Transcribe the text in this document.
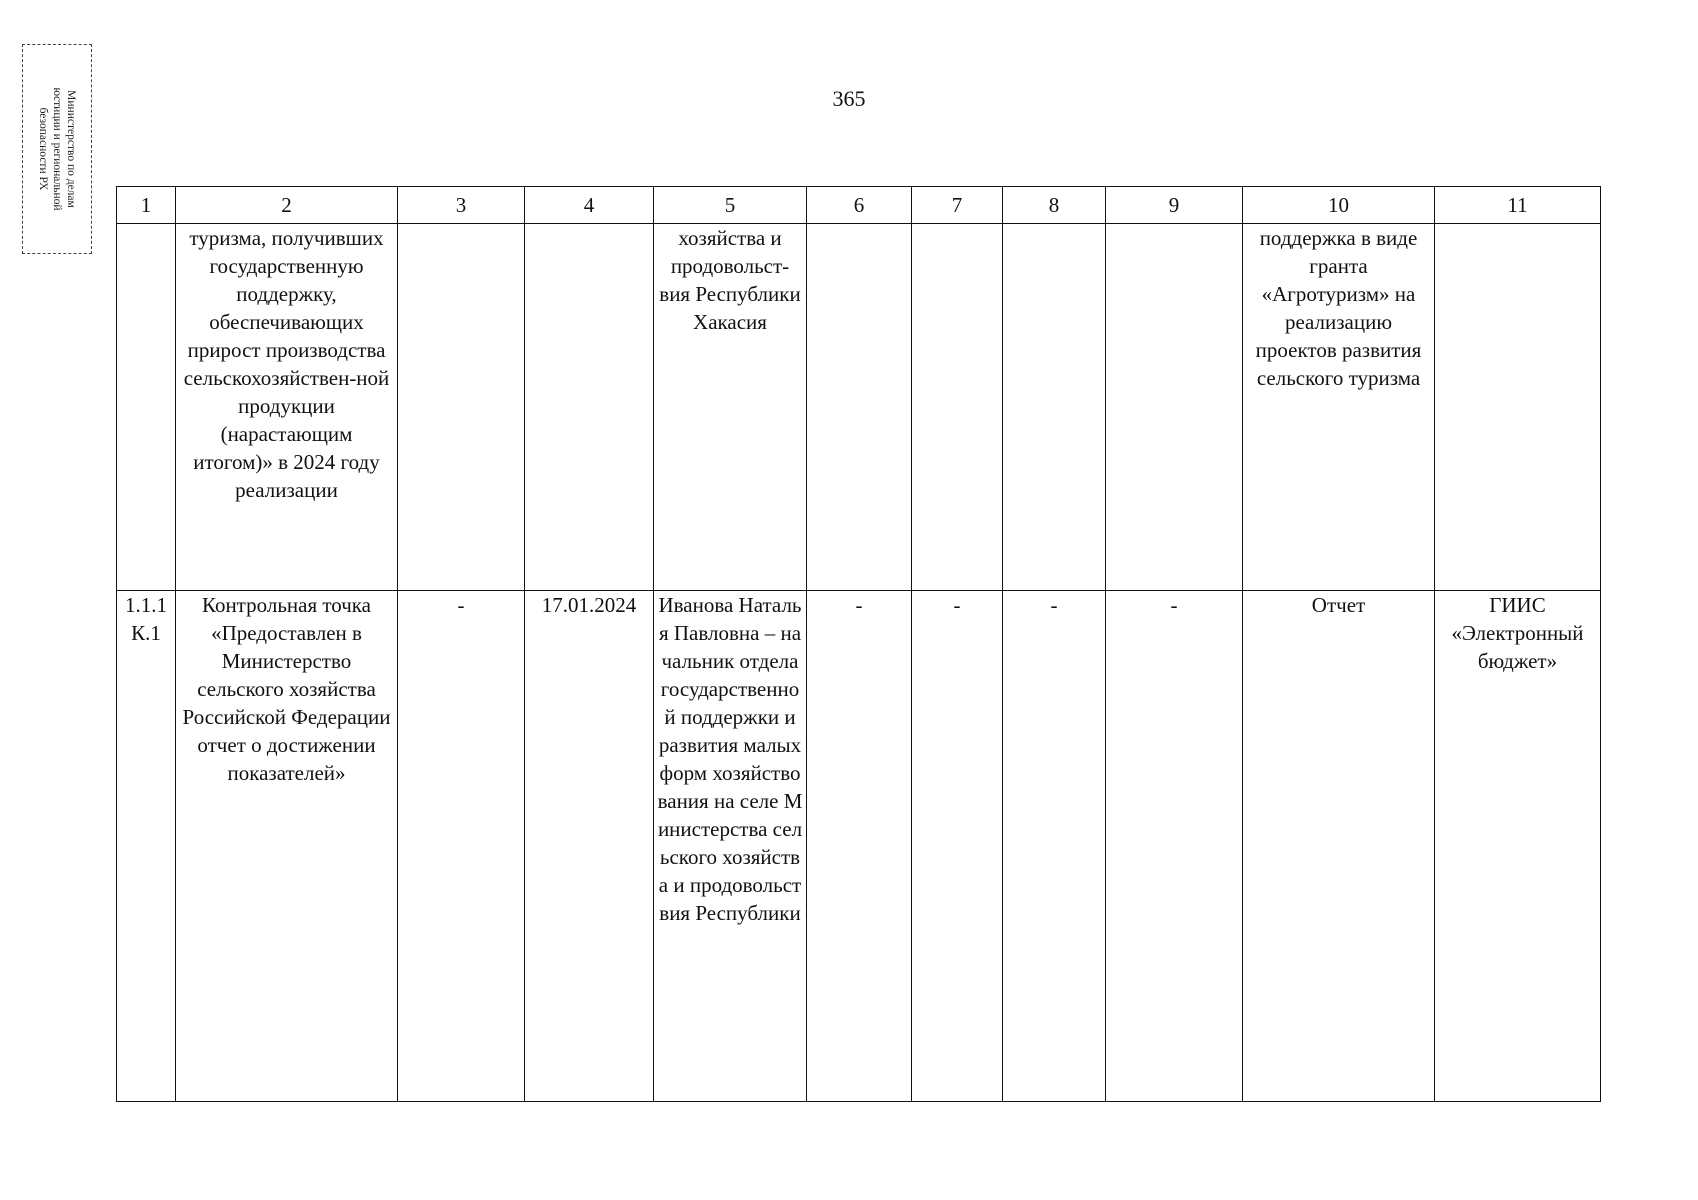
Министерство по делам
юстиции и региональной
безопасности РХ
365
1	2	3	4	5	6	7	8	9	10	11
	туризма, получивших государственную поддержку, обеспечивающих прирост производства сельскохозяйствен-ной продукции (нарастающим итогом)» в 2024 году реализации			хозяйства и продовольст-вия Республики Хакасия					поддержка в виде гранта «Агротуризм» на реализацию проектов развития сельского туризма	
1.1.1 К.1	Контрольная точка «Предоставлен в Министерство сельского хозяйства Российской Федерации отчет о достижении показателей»	-	17.01.2024	Иванова Наталья Павловна – начальник отдела государственной поддержки и развития малых форм хозяйствования на селе Министерства сельского хозяйства и продовольствия Республики	-	-	-	-	Отчет	ГИИС «Электронный бюджет»
